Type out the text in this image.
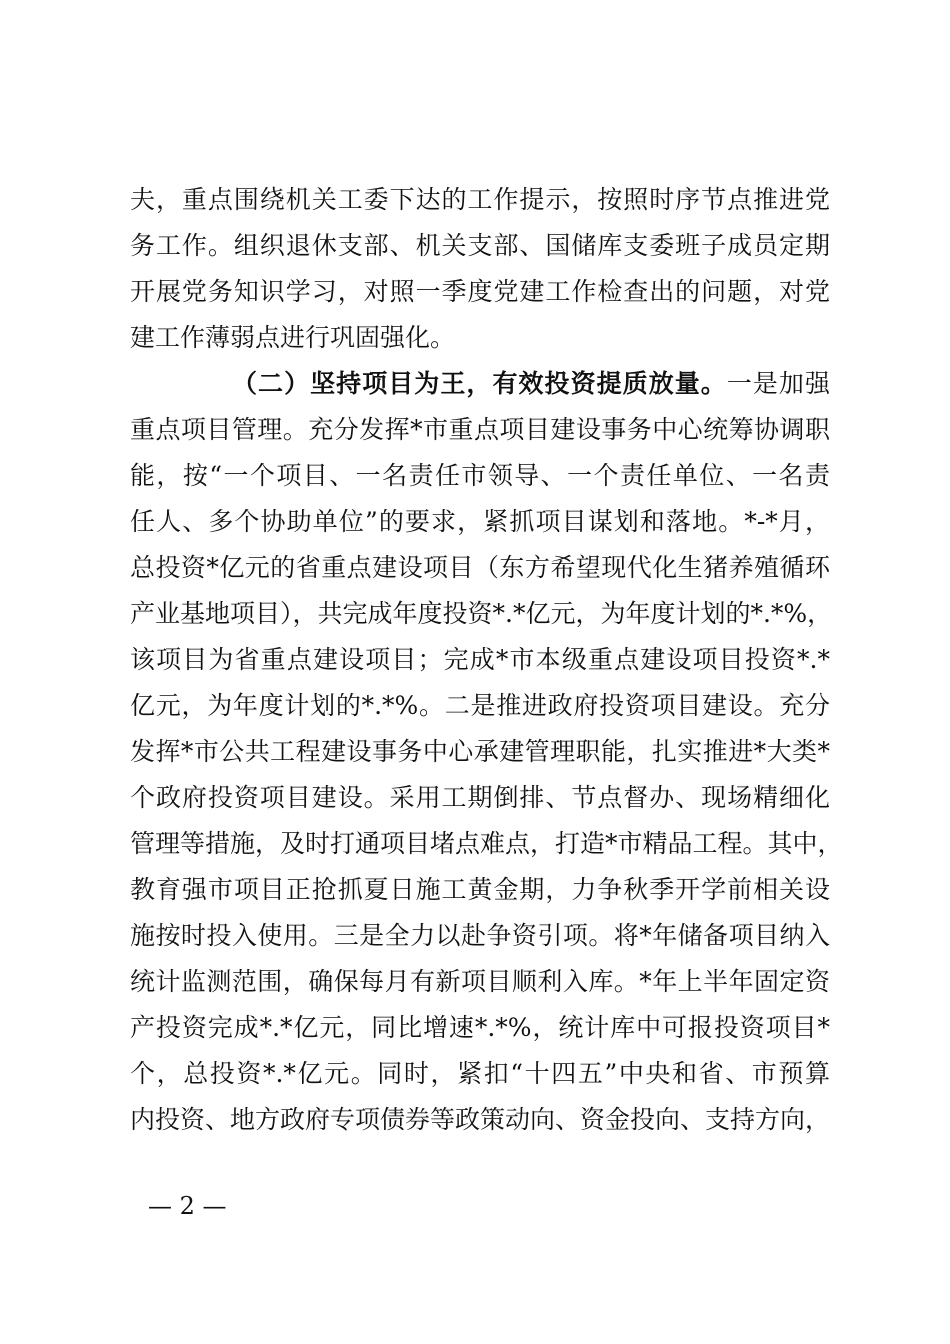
夫，重点围绕机关工委下达的工作提示，按照时序节点推进党
务工作。组织退休支部、机关支部、国储库支委班子成员定期
开展党务知识学习，对照一季度党建工作检查出的问题，对党
建工作薄弱点进行巩固强化。
（二）坚持项目为王，有效投资提质放量。一是加强
重点项目管理。充分发挥*市重点项目建设事务中心统筹协调职
能，按“一个项目、一名责任市领导、一个责任单位、一名责
任人、多个协助单位”的要求，紧抓项目谋划和落地。*-*月，
总投资*亿元的省重点建设项目（东方希望现代化生猪养殖循环
产业基地项目），共完成年度投资*.*亿元，为年度计划的*.*%，
该项目为省重点建设项目；完成*市本级重点建设项目投资*.*
亿元，为年度计划的*.*%。二是推进政府投资项目建设。充分
发挥*市公共工程建设事务中心承建管理职能，扎实推进*大类*
个政府投资项目建设。采用工期倒排、节点督办、现场精细化
管理等措施，及时打通项目堵点难点，打造*市精品工程。其中，
教育强市项目正抢抓夏日施工黄金期，力争秋季开学前相关设
施按时投入使用。三是全力以赴争资引项。将*年储备项目纳入
统计监测范围，确保每月有新项目顺利入库。*年上半年固定资
产投资完成*.*亿元，同比增速*.*%，统计库中可报投资项目*
个，总投资*.*亿元。同时，紧扣“十四五”中央和省、市预算
内投资、地方政府专项债券等政策动向、资金投向、支持方向，
— 2 —
